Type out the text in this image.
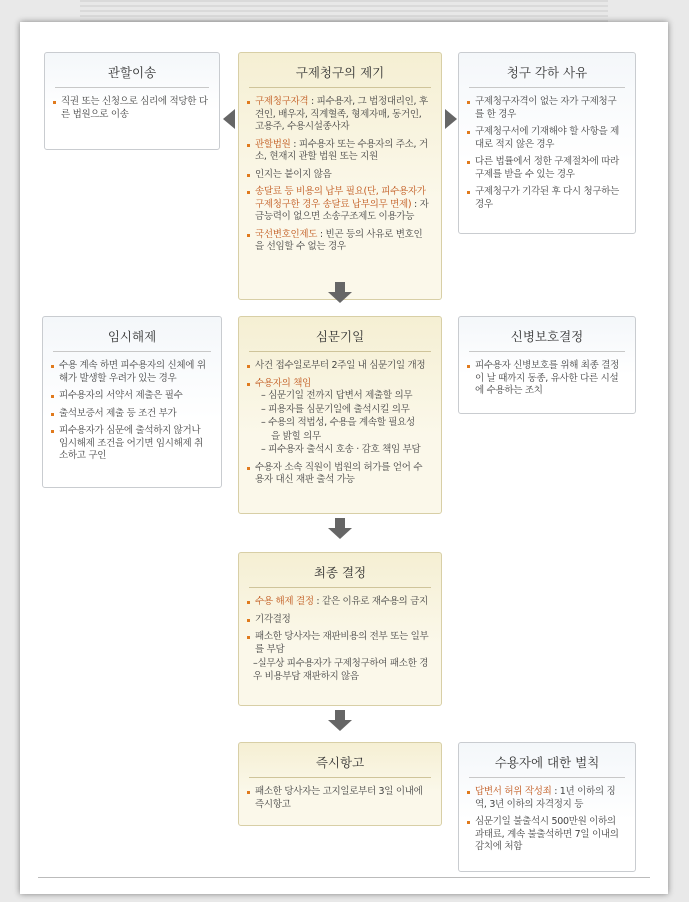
관할이송
직권 또는 신청으로 심리에 적당한 다른 법원으로 이송
구제청구의 제기
구제청구자격 : 피수용자, 그 법정대리인, 후견인, 배우자, 직계혈족, 형제자매, 동거인, 고용주, 수용시설종사자
관할법원 : 피수용자 또는 수용자의 주소, 거소, 현재지 관할 법원 또는 지원
인지는 붙이지 않음
송달료 등 비용의 납부 필요(단, 피수용자가 구제청구한 경우 송달료 납부의무 면제) : 자금능력이 없으면 소송구조제도 이용가능
국선변호인제도 : 빈곤 등의 사유로 변호인을 선임할 수 없는 경우
청구 각하 사유
구제청구자격이 없는 자가 구제청구를 한 경우
구제청구서에 기재해야 할 사항을 제대로 적지 않은 경우
다른 법률에서 정한 구제절차에 따라 구제를 받을 수 있는 경우
구제청구가 기각된 후 다시 청구하는 경우
임시해제
수용 계속 하면 피수용자의 신체에 위해가 발생할 우려가 있는 경우
피수용자의 서약서 제출은 필수
출석보증서 제출 등 조건 부가
피수용자가 심문에 출석하지 않거나 임시해제 조건을 어기면 임시해제 취소하고 구인
심문기일
사건 접수일로부터 2주일 내 심문기일 개정
수용자의 책임
– 심문기일 전까지 답변서 제출할 의무
– 피용자를 심문기일에 출석시킬 의무
– 수용의 적법성, 수용을 계속할 필요성
을 밝힐 의무
– 피수용자 출석시 호송 · 감호 책임 부담
수용자 소속 직원이 법원의 허가를 얻어 수용자 대신 재판 출석 가능
신병보호결정
피수용자 신병보호를 위해 최종 결정이 날 때까지 동종, 유사한 다른 시설에 수용하는 조치
최종 결정
수용 해제 결정 : 같은 이유로 재수용의 금지
기각결정
패소한 당사자는 재판비용의 전부 또는 일부를 부담
–실무상 피수용자가 구제청구하여 패소한 경우 비용부담 재판하지 않음
즉시항고
패소한 당사자는 고지일로부터 3일 이내에 즉시항고
수용자에 대한 벌칙
답변서 허위 작성죄 : 1년 이하의 징역, 3년 이하의 자격정지 등
심문기일 불출석시 500만원 이하의 과태료, 계속 불출석하면 7일 이내의 감치에 처함
